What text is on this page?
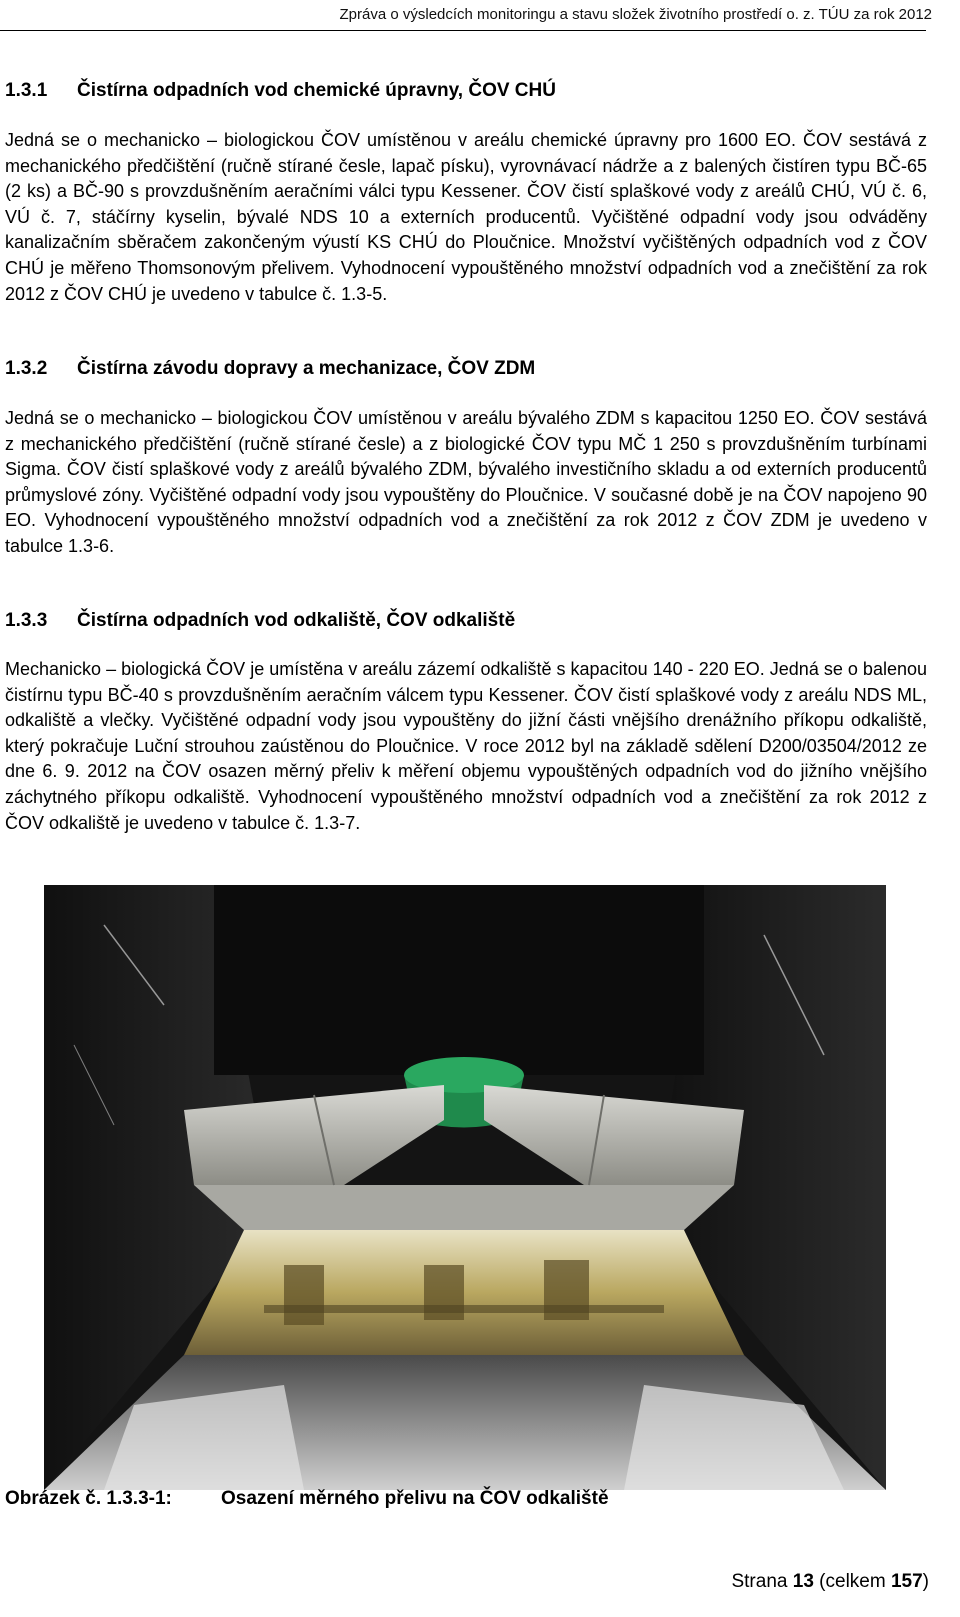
Zpráva o výsledcích monitoringu a stavu složek životního prostředí o. z. TÚU za rok 2012
1.3.1 Čistírna odpadních vod chemické úpravny, ČOV CHÚ
Jedná se o mechanicko – biologickou ČOV umístěnou v areálu chemické úpravny pro 1600 EO. ČOV sestává z mechanického předčištění (ručně stírané česle, lapač písku), vyrovnávací nádrže a z balených čistíren typu BČ-65 (2 ks) a BČ-90 s provzdušněním aeračními válci typu Kessener. ČOV čistí splaškové vody z areálů CHÚ, VÚ č. 6, VÚ č. 7, stáčírny kyselin, bývalé NDS 10 a externích producentů. Vyčištěné odpadní vody jsou odváděny kanalizačním sběračem zakončeným výustí KS CHÚ do Ploučnice. Množství vyčištěných odpadních vod z ČOV CHÚ je měřeno Thomsonovým přelivem. Vyhodnocení vypouštěného množství odpadních vod a znečištění za rok 2012 z ČOV CHÚ je uvedeno v tabulce č. 1.3-5.
1.3.2 Čistírna závodu dopravy a mechanizace, ČOV ZDM
Jedná se o mechanicko – biologickou ČOV umístěnou v areálu bývalého ZDM s kapacitou 1250 EO. ČOV sestává z mechanického předčištění (ručně stírané česle) a z biologické ČOV typu MČ 1 250 s provzdušněním turbínami Sigma. ČOV čistí splaškové vody z areálů bývalého ZDM, bývalého investičního skladu a od externích producentů průmyslové zóny. Vyčištěné odpadní vody jsou vypouštěny do Ploučnice. V současné době je na ČOV napojeno 90 EO. Vyhodnocení vypouštěného množství odpadních vod a znečištění za rok 2012 z ČOV ZDM je uvedeno v tabulce 1.3-6.
1.3.3 Čistírna odpadních vod odkaliště, ČOV odkaliště
Mechanicko – biologická ČOV je umístěna v areálu zázemí odkaliště s kapacitou 140 - 220 EO. Jedná se o balenou čistírnu typu BČ-40 s provzdušněním aeračním válcem typu Kessener. ČOV čistí splaškové vody z areálu NDS ML, odkaliště a vlečky. Vyčištěné odpadní vody jsou vypouštěny do jižní části vnějšího drenážního příkopu odkaliště, který pokračuje Luční strouhou zaústěnou do Ploučnice. V roce 2012 byl na základě sdělení D200/03504/2012 ze dne 6. 9. 2012 na ČOV osazen měrný přeliv k měření objemu vypouštěných odpadních vod do jižního vnějšího záchytného příkopu odkaliště. Vyhodnocení vypouštěného množství odpadních vod a znečištění za rok 2012 z ČOV odkaliště je uvedeno v tabulce č. 1.3-7.
Obrázek č. 1.3.3-1:	Osazení měrného přelivu na ČOV odkaliště
Strana 13 (celkem 157)
